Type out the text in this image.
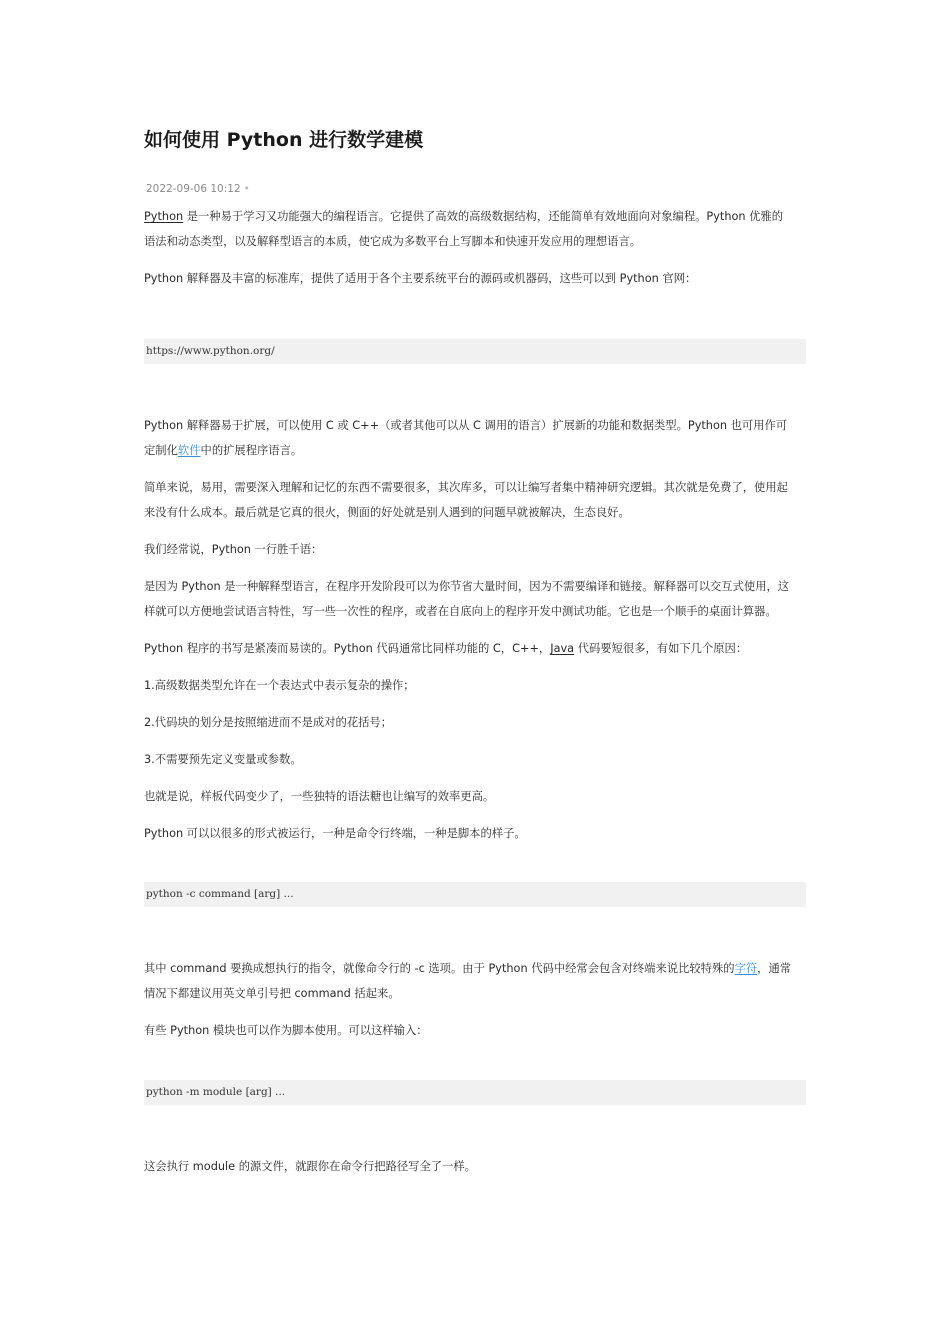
如何使用 Python 进行数学建模
2022-09-06 10:12 •

Python 是一种易于学习又功能强大的编程语言。它提供了高效的高级数据结构，还能简单有效地面向对象编程。Python 优雅的
语法和动态类型，以及解释型语言的本质，使它成为多数平台上写脚本和快速开发应用的理想语言。

Python 解释器及丰富的标准库，提供了适用于各个主要系统平台的源码或机器码，这些可以到 Python 官网：

https://www.python.org/

Python 解释器易于扩展，可以使用 C 或 C++（或者其他可以从 C 调用的语言）扩展新的功能和数据类型。Python 也可用作可
定制化软件中的扩展程序语言。

简单来说，易用，需要深入理解和记忆的东西不需要很多，其次库多，可以让编写者集中精神研究逻辑。其次就是免费了，使用起
来没有什么成本。最后就是它真的很火，侧面的好处就是别人遇到的问题早就被解决，生态良好。

我们经常说，Python 一行胜千语：

是因为 Python 是一种解释型语言，在程序开发阶段可以为你节省大量时间，因为不需要编译和链接。解释器可以交互式使用，这
样就可以方便地尝试语言特性，写一些一次性的程序，或者在自底向上的程序开发中测试功能。它也是一个顺手的桌面计算器。

Python 程序的书写是紧凑而易读的。Python 代码通常比同样功能的 C，C++，Java 代码要短很多，有如下几个原因：

1.高级数据类型允许在一个表达式中表示复杂的操作；

2.代码块的划分是按照缩进而不是成对的花括号；

3.不需要预先定义变量或参数。

也就是说，样板代码变少了，一些独特的语法糖也让编写的效率更高。

Python 可以以很多的形式被运行，一种是命令行终端，一种是脚本的样子。

python -c command [arg] ...

其中 command 要换成想执行的指令，就像命令行的 -c 选项。由于 Python 代码中经常会包含对终端来说比较特殊的字符，通常
情况下都建议用英文单引号把 command 括起来。

有些 Python 模块也可以作为脚本使用。可以这样输入：

python -m module [arg] ...

这会执行 module 的源文件，就跟你在命令行把路径写全了一样。
